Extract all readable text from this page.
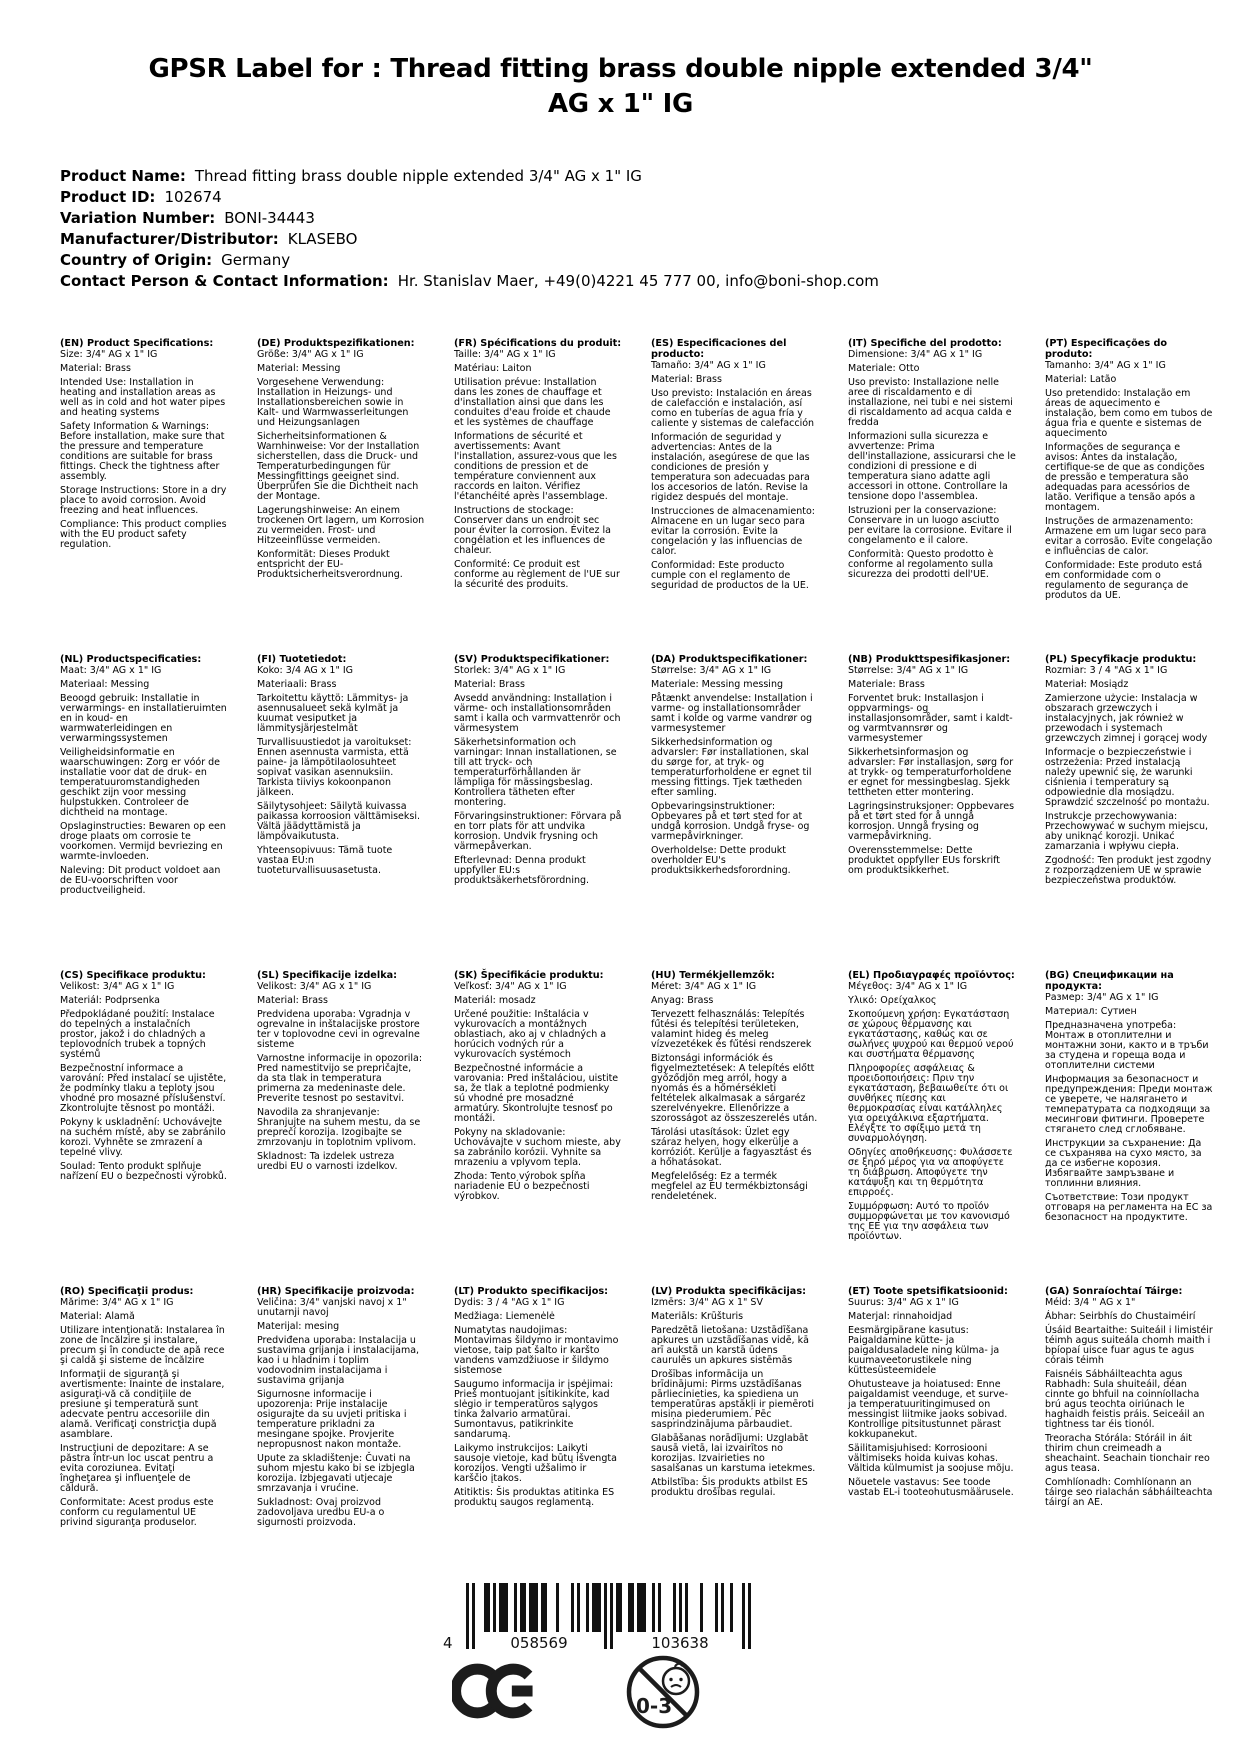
GPSR Label for : Thread fitting brass double nipple extended 3/4"
AG x 1" IG
Product Name: Thread fitting brass double nipple extended 3/4" AG x 1" IG
Product ID: 102674
Variation Number: BONI-34443
Manufacturer/Distributor: KLASEBO
Country of Origin: Germany
Contact Person & Contact Information: Hr. Stanislav Maer, +49(0)4221 45 777 00, info@boni-shop.com
(EN) Product Specifications:

Size: 3/4" AG x 1" IG

Material: Brass

Intended Use: Installation in heating and installation areas as well as in cold and hot water pipes and heating systems

Safety Information & Warnings: Before installation, make sure that the pressure and temperature conditions are suitable for brass fittings. Check the tightness after assembly.

Storage Instructions: Store in a dry place to avoid corrosion. Avoid freezing and heat influences.

Compliance: This product complies with the EU product safety regulation.

(DE) Produktspezifikationen:

Größe: 3/4" AG x 1" IG

Material: Messing

Vorgesehene Verwendung: Installation in Heizungs- und Installationsbereichen sowie in Kalt- und Warmwasserleitungen und Heizungsanlagen

Sicherheitsinformationen & Warnhinweise: Vor der Installation sicherstellen, dass die Druck- und Temperaturbedingungen für Messingfittings geeignet sind. Überprüfen Sie die Dichtheit nach der Montage.

Lagerungshinweise: An einem trockenen Ort lagern, um Korrosion zu vermeiden. Frost- und Hitzeeinflüsse vermeiden.

Konformität: Dieses Produkt entspricht der EU-Produktsicherheitsverordnung.

(FR) Spécifications du produit:

Taille: 3/4" AG x 1" IG

Matériau: Laiton

Utilisation prévue: Installation dans les zones de chauffage et d'installation ainsi que dans les conduites d'eau froide et chaude et les systèmes de chauffage

Informations de sécurité et avertissements: Avant l'installation, assurez-vous que les conditions de pression et de température conviennent aux raccords en laiton. Vérifiez l'étanchéité après l'assemblage.

Instructions de stockage: Conserver dans un endroit sec pour éviter la corrosion. Évitez la congélation et les influences de chaleur.

Conformité: Ce produit est conforme au règlement de l'UE sur la sécurité des produits.

(ES) Especificaciones del producto:

Tamaño: 3/4" AG x 1" IG

Material: Brass

Uso previsto: Instalación en áreas de calefacción e instalación, así como en tuberías de agua fría y caliente y sistemas de calefacción

Información de seguridad y advertencias: Antes de la instalación, asegúrese de que las condiciones de presión y temperatura son adecuadas para los accesorios de latón. Revise la rigidez después del montaje.

Instrucciones de almacenamiento: Almacene en un lugar seco para evitar la corrosión. Evite la congelación y las influencias de calor.

Conformidad: Este producto cumple con el reglamento de seguridad de productos de la UE.

(IT) Specifiche del prodotto:

Dimensione: 3/4" AG x 1" IG

Materiale: Otto

Uso previsto: Installazione nelle aree di riscaldamento e di installazione, nei tubi e nei sistemi di riscaldamento ad acqua calda e fredda

Informazioni sulla sicurezza e avvertenze: Prima dell'installazione, assicurarsi che le condizioni di pressione e di temperatura siano adatte agli accessori in ottone. Controllare la tensione dopo l'assemblea.

Istruzioni per la conservazione: Conservare in un luogo asciutto per evitare la corrosione. Evitare il congelamento e il calore.

Conformità: Questo prodotto è conforme al regolamento sulla sicurezza dei prodotti dell'UE.

(PT) Especificações do produto:

Tamanho: 3/4" AG x 1" IG

Material: Latão

Uso pretendido: Instalação em áreas de aquecimento e instalação, bem como em tubos de água fria e quente e sistemas de aquecimento

Informações de segurança e avisos: Antes da instalação, certifique-se de que as condições de pressão e temperatura são adequadas para acessórios de latão. Verifique a tensão após a montagem.

Instruções de armazenamento: Armazene em um lugar seco para evitar a corrosão. Evite congelação e influências de calor.

Conformidade: Este produto está em conformidade com o regulamento de segurança de produtos da UE.

(NL) Productspecificaties:

Maat: 3/4" AG x 1" IG

Materiaal: Messing

Beoogd gebruik: Installatie in verwarmings- en installatieruimten en in koud- en warmwaterleidingen en verwarmingssystemen

Veiligheidsinformatie en waarschuwingen: Zorg er vóór de installatie voor dat de druk- en temperatuuromstandigheden geschikt zijn voor messing hulpstukken. Controleer de dichtheid na montage.

Opslaginstructies: Bewaren op een droge plaats om corrosie te voorkomen. Vermijd bevriezing en warmte-invloeden.

Naleving: Dit product voldoet aan de EU-voorschriften voor productveiligheid.

(FI) Tuotetiedot:

Koko: 3/4 AG x 1" IG

Materiaali: Brass

Tarkoitettu käyttö: Lämmitys- ja asennusalueet sekä kylmät ja kuumat vesiputket ja lämmitysjärjestelmät

Turvallisuustiedot ja varoitukset: Ennen asennusta varmista, että paine- ja lämpötilaolosuhteet sopivat vasikan asennuksiin. Tarkista tiiviys kokoonpanon jälkeen.

Säilytysohjeet: Säilytä kuivassa paikassa korroosion välttämiseksi. Vältä jäädyttämistä ja lämpövaikutusta.

Yhteensopivuus: Tämä tuote vastaa EU:n tuoteturvallisuusasetusta.

(SV) Produktspecifikationer:

Storlek: 3/4" AG x 1" IG

Material: Brass

Avsedd användning: Installation i värme- och installationsområden samt i kalla och varmvattenrör och värmesystem

Säkerhetsinformation och varningar: Innan installationen, se till att tryck- och temperaturförhållanden är lämpliga för mässingsbeslag. Kontrollera tätheten efter montering.

Förvaringsinstruktioner: Förvara på en torr plats för att undvika korrosion. Undvik frysning och värmepåverkan.

Efterlevnad: Denna produkt uppfyller EU:s produktsäkerhetsförordning.

(DA) Produktspecifikationer:

Størrelse: 3/4" AG x 1" IG

Materiale: Messing messing

Påtænkt anvendelse: Installation i varme- og installationsområder samt i kolde og varme vandrør og varmesystemer

Sikkerhedsinformation og advarsler: Før installationen, skal du sørge for, at tryk- og temperaturforholdene er egnet til messing fittings. Tjek tætheden efter samling.

Opbevaringsinstruktioner: Opbevares på et tørt sted for at undgå korrosion. Undgå fryse- og varmepåvirkninger.

Overholdelse: Dette produkt overholder EU's produktsikkerhedsforordning.

(NB) Produkttspesifikasjoner:

Størrelse: 3/4" AG x 1" IG

Materiale: Brass

Forventet bruk: Installasjon i oppvarmings- og installasjonsområder, samt i kaldt- og varmtvannsrør og varmesystemer

Sikkerhetsinformasjon og advarsler: Før installasjon, sørg for at trykk- og temperaturforholdene er egnet for messingbeslag. Sjekk tettheten etter montering.

Lagringsinstruksjoner: Oppbevares på et tørt sted for å unngå korrosjon. Unngå frysing og varmepåvirkning.

Overensstemmelse: Dette produktet oppfyller EUs forskrift om produktsikkerhet.

(PL) Specyfikacje produktu:

Rozmiar: 3 / 4 "AG x 1" IG

Materiał: Mosiądz

Zamierzone użycie: Instalacja w obszarach grzewczych i instalacyjnych, jak również w przewodach i systemach grzewczych zimnej i gorącej wody

Informacje o bezpieczeństwie i ostrzeżenia: Przed instalacją należy upewnić się, że warunki ciśnienia i temperatury są odpowiednie dla mosiądzu. Sprawdzić szczelność po montażu.

Instrukcje przechowywania: Przechowywać w suchym miejscu, aby uniknąć korozji. Unikać zamarzania i wpływu ciepła.

Zgodność: Ten produkt jest zgodny z rozporządzeniem UE w sprawie bezpieczeństwa produktów.

(CS) Specifikace produktu:

Velikost: 3/4" AG x 1" IG

Materiál: Podprsenka

Předpokládané použití: Instalace do tepelných a instalačních prostor, jakož i do chladných a teplovodních trubek a topných systémů

Bezpečnostní informace a varování: Před instalací se ujistěte, že podmínky tlaku a teploty jsou vhodné pro mosazné příslušenství. Zkontrolujte těsnost po montáži.

Pokyny k uskladnění: Uchovávejte na suchém místě, aby se zabránilo korozi. Vyhněte se zmrazení a tepelné vlivy.

Soulad: Tento produkt splňuje nařízení EU o bezpečnosti výrobků.

(SL) Specifikacije izdelka:

Velikost: 3/4" AG x 1" IG

Material: Brass

Predvidena uporaba: Vgradnja v ogrevalne in inštalacijske prostore ter v toplovodne cevi in ogrevalne sisteme

Varnostne informacije in opozorila: Pred namestitvijo se prepričajte, da sta tlak in temperatura primerna za medeninaste dele. Preverite tesnost po sestavitvi.

Navodila za shranjevanje: Shranjujte na suhem mestu, da se preprečí korozija. Izogibajte se zmrzovanju in toplotnim vplivom.

Skladnost: Ta izdelek ustreza uredbi EU o varnosti izdelkov.

(SK) Špecifikácie produktu:

Veľkosť: 3/4" AG x 1" IG

Materiál: mosadz

Určené použitie: Inštalácia v vykurovacích a montážnych oblastiach, ako aj v chladných a horúcich vodných rúr a vykurovacích systémoch

Bezpečnostné informácie a varovania: Pred inštaláciou, uistite sa, že tlak a teplotné podmienky sú vhodné pre mosadzné armatúry. Skontrolujte tesnosť po montáži.

Pokyny na skladovanie: Uchovávajte v suchom mieste, aby sa zabránilo korózii. Vyhnite sa mrazeniu a vplyvom tepla.

Zhoda: Tento výrobok spĺňa nariadenie EÚ o bezpečnosti výrobkov.

(HU) Termékjellemzők:

Méret: 3/4" AG x 1" IG

Anyag: Brass

Tervezett felhasználás: Telepítés fűtési és telepítési területeken, valamint hideg és meleg vízvezetékek és fűtési rendszerek

Biztonsági információk és figyelmeztetések: A telepítés előtt győződjön meg arról, hogy a nyomás és a hőmérsékleti feltételek alkalmasak a sárgaréz szerelvényekre. Ellenőrizze a szorosságot az összeszerelés után.

Tárolási utasítások: Üzlet egy száraz helyen, hogy elkerülje a korróziót. Kerülje a fagyasztást és a hőhatásokat.

Megfelelőség: Ez a termék megfelel az EU termékbiztonsági rendeletének.

(EL) Προδιαγραφές προϊόντος:

Μέγεθος: 3/4" AG x 1" IG

Υλικό: Ορείχαλκος

Σκοπούμενη χρήση: Εγκατάσταση σε χώρους θέρμανσης και εγκατάστασης, καθώς και σε σωλήνες ψυχρού και θερμού νερού και συστήματα θέρμανσης

Πληροφορίες ασφάλειας & προειδοποιήσεις: Πριν την εγκατάσταση, βεβαιωθείτε ότι οι συνθήκες πίεσης και θερμοκρασίας είναι κατάλληλες για ορειχάλκινα εξαρτήματα. Ελέγξτε το σφίξιμο μετά τη συναρμολόγηση.

Οδηγίες αποθήκευσης: Φυλάσσετε σε ξηρό μέρος για να αποφύγετε τη διάβρωση. Αποφύγετε την κατάψυξη και τη θερμότητα επιρροές.

Συμμόρφωση: Αυτό το προϊόν συμμορφώνεται με τον κανονισμό της ΕΕ για την ασφάλεια των προϊόντων.

(BG) Спецификации на продукта:

Размер: 3/4" AG x 1" IG

Материал: Сутиен

Предназначена употреба: Монтаж в отоплителни и монтажни зони, както и в тръби за студена и гореща вода и отоплителни системи

Информация за безопасност и предупреждения: Преди монтаж се уверете, че налягането и температурата са подходящи за месингови фитинги. Проверете стягането след сглобяване.

Инструкции за съхранение: Да се съхранява на сухо място, за да се избегне корозия. Избягвайте замръзване и топлинни влияния.

Съответствие: Този продукт отговаря на регламента на ЕС за безопасност на продуктите.

(RO) Specificaţii produs:

Mărime: 3/4" AG x 1" IG

Material: Alamă

Utilizare intenţionată: Instalarea în zone de încălzire şi instalare, precum şi în conducte de apă rece şi caldă şi sisteme de încălzire

Informaţii de siguranţă şi avertismente: Înainte de instalare, asiguraţi-vă că condiţiile de presiune şi temperatură sunt adecvate pentru accesoriile din alamă. Verificaţi constricţia după asamblare.

Instrucţiuni de depozitare: A se păstra într-un loc uscat pentru a evita coroziunea. Evitaţi îngheţarea şi influenţele de căldură.

Conformitate: Acest produs este conform cu regulamentul UE privind siguranţa produselor.

(HR) Specifikacije proizvoda:

Veličina: 3/4" vanjski navoj x 1" unutarnji navoj

Materijal: mesing

Predviđena uporaba: Instalacija u sustavima grijanja i instalacijama, kao i u hladnim i toplim vodovodnim instalacijama i sustavima grijanja

Sigurnosne informacije i upozorenja: Prije instalacije osigurajte da su uvjeti pritiska i temperature prikladni za mesingane spojke. Provjerite nepropusnost nakon montaže.

Upute za skladištenje: Čuvati na suhom mjestu kako bi se izbjegla korozija. Izbjegavati utjecaje smrzavanja i vrućine.

Sukladnost: Ovaj proizvod zadovoljava uredbu EU-a o sigurnosti proizvoda.

(LT) Produkto specifikacijos:

Dydis: 3 / 4 "AG x 1" IG

Medžiaga: Liemenėlė

Numatytas naudojimas: Montavimas šildymo ir montavimo vietose, taip pat šalto ir karšto vandens vamzdžiuose ir šildymo sistemose

Saugumo informacija ir įspėjimai: Prieš montuojant įsitikinkite, kad slėgio ir temperatūros sąlygos tinka žalvario armatūrai. Sumontavus, patikrinkite sandarumą.

Laikymo instrukcijos: Laikyti sausoje vietoje, kad būtų išvengta korozijos. Vengti užšalimo ir karščio įtakos.

Atitiktis: Šis produktas atitinka ES produktų saugos reglamentą.

(LV) Produkta specifikācijas:

Izmērs: 3/4" AG x 1" SV

Materiāls: Krūšturis

Paredzētā lietošana: Uzstādīšana apkures un uzstādīšanas vidē, kā arī aukstā un karstā ūdens caurulēs un apkures sistēmās

Drošības informācija un brīdinājumi: Pirms uzstādīšanas pārliecinieties, ka spiediena un temperatūras apstākļi ir piemēroti misiņa piederumiem. Pēc sasprindzinājuma pārbaudiet.

Glabāšanas norādījumi: Uzglabāt sausā vietā, lai izvairītos no korozijas. Izvairieties no sasalšanas un karstuma ietekmes.

Atbilstība: Šis produkts atbilst ES produktu drošības regulai.

(ET) Toote spetsifikatsioonid:

Suurus: 3/4" AG x 1" IG

Materjal: rinnahoidjad

Eesmärgipärane kasutus: Paigaldamine kütte- ja paigaldusaladele ning külma- ja kuumaveetorustikele ning küttesüsteemidele

Ohutusteave ja hoiatused: Enne paigaldamist veenduge, et surve- ja temperatuuritingimused on messingist liitmike jaoks sobivad. Kontrollige pitsitustunnet pärast kokkupanekut.

Säilitamisjuhised: Korrosiooni vältimiseks hoida kuivas kohas. Vältida külmumist ja soojuse mõju.

Nõuetele vastavus: See toode vastab EL-i tooteohutusmäärusele.

(GA) Sonraíochtaí Táirge:

Méid: 3/4 " AG x 1"

Ábhar: Seirbhís do Chustaiméirí

Úsáid Beartaithe: Suiteáil i limistéir téimh agus suiteála chomh maith i bpíopaí uisce fuar agus te agus córais téimh

Faisnéis Sábháilteachta agus Rabhadh: Sula shuiteáil, déan cinnte go bhfuil na coinníollacha brú agus teochta oiriúnach le haghaidh feistis práis. Seiceáil an tightness tar éis tionól.

Treoracha Stórála: Stóráil in áit thirim chun creimeadh a sheachaint. Seachain tionchair reo agus teasa.

Comhlíonadh: Comhlíonann an táirge seo rialachán sábháilteachta táirgí an AE.

4	058569	103638
0-3
